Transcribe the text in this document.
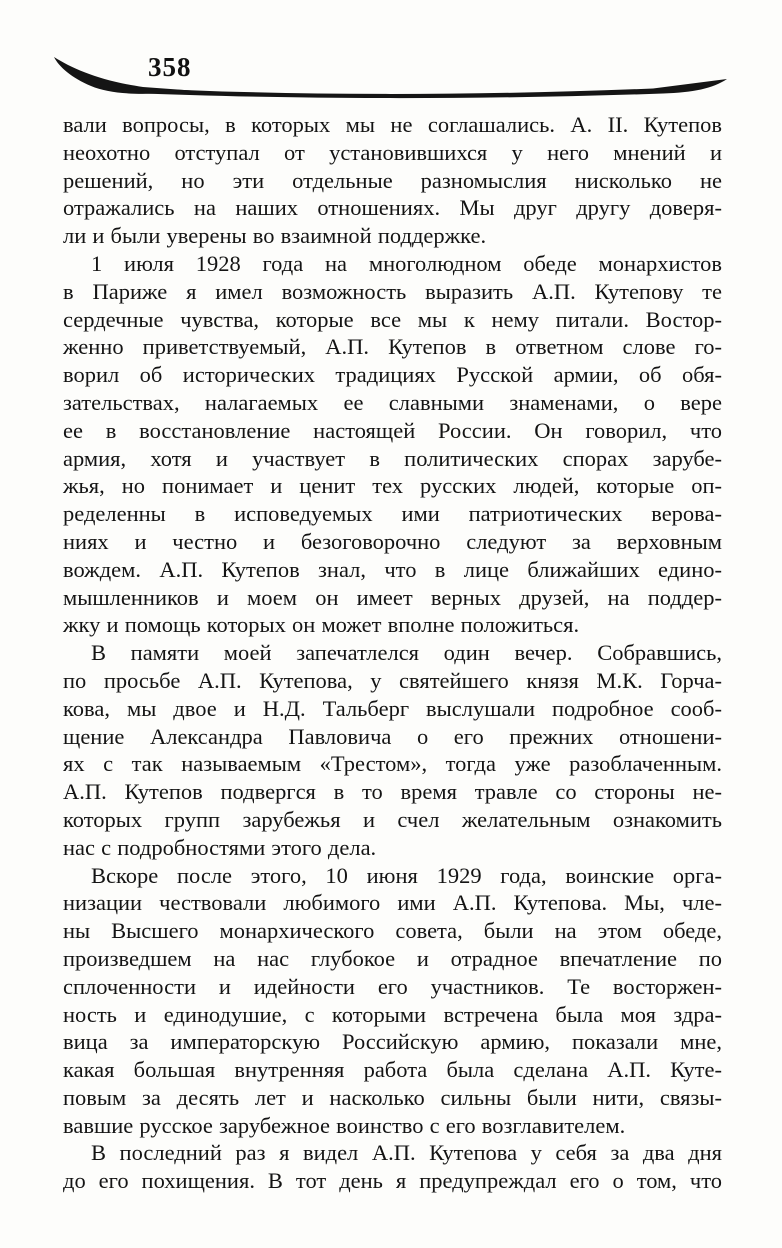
358
вали вопросы, в которых мы не соглашались. А. II. Кутепов
неохотно отступал от установившихся у него мнений и
решений, но эти отдельные разномыслия нисколько не
отражались на наших отношениях. Мы друг другу доверя-
ли и были уверены во взаимной поддержке.
1 июля 1928 года на многолюдном обеде монархистов
в Париже я имел возможность выразить А.П. Кутепову те
сердечные чувства, которые все мы к нему питали. Востор-
женно приветствуемый, А.П. Кутепов в ответном слове го-
ворил об исторических традициях Русской армии, об обя-
зательствах, налагаемых ее славными знаменами, о вере
ее в восстановление настоящей России. Он говорил, что
армия, хотя и участвует в политических спорах зарубе-
жья, но понимает и ценит тех русских людей, которые оп-
ределенны в исповедуемых ими патриотических верова-
ниях и честно и безоговорочно следуют за верховным
вождем. А.П. Кутепов знал, что в лице ближайших едино-
мышленников и моем он имеет верных друзей, на поддер-
жку и помощь которых он может вполне положиться.
В памяти моей запечатлелся один вечер. Собравшись,
по просьбе А.П. Кутепова, у святейшего князя М.К. Горча-
кова, мы двое и Н.Д. Тальберг выслушали подробное сооб-
щение Александра Павловича о его прежних отношени-
ях с так называемым «Трестом», тогда уже разоблаченным.
А.П. Кутепов подвергся в то время травле со стороны не-
которых групп зарубежья и счел желательным ознакомить
нас с подробностями этого дела.
Вскоре после этого, 10 июня 1929 года, воинские орга-
низации чествовали любимого ими А.П. Кутепова. Мы, чле-
ны Высшего монархического совета, были на этом обеде,
произведшем на нас глубокое и отрадное впечатление по
сплоченности и идейности его участников. Те восторжен-
ность и единодушие, с которыми встречена была моя здра-
вица за императорскую Российскую армию, показали мне,
какая большая внутренняя работа была сделана А.П. Куте-
повым за десять лет и насколько сильны были нити, связы-
вавшие русское зарубежное воинство с его возглавителем.
В последний раз я видел А.П. Кутепова у себя за два дня
до его похищения. В тот день я предупреждал его о том, что
